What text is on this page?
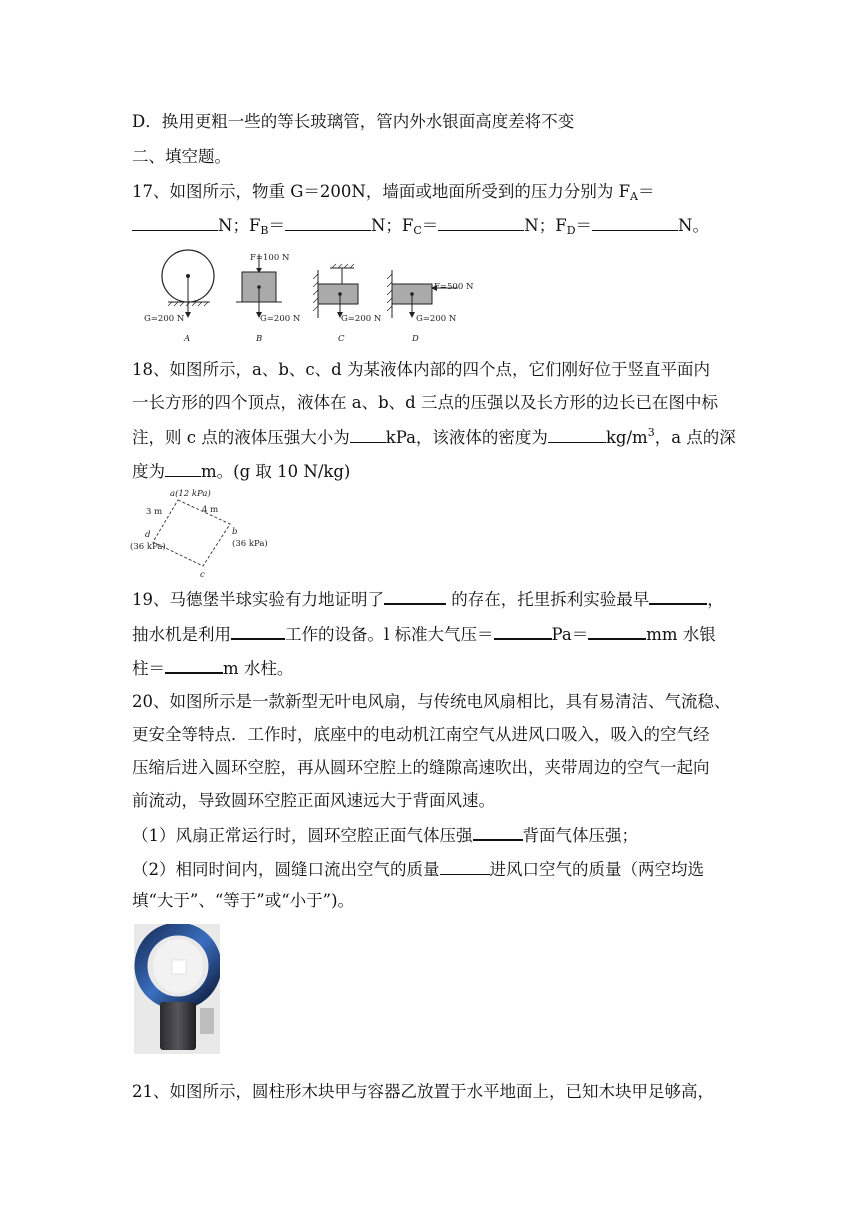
D．换用更粗一些的等长玻璃管，管内外水银面高度差将不变
二、填空题。
17、如图所示，物重 G＝200N，墙面或地面所受到的压力分别为 $F_A=$
N；$F_B=$	N；$F_C=$	N；$F_D=$	N。
G=200 N
A
F=100 N
G=200 N
B
G=200 N
C
F=500 N
G=200 N
D
18、如图所示，a、b、c、d 为某液体内部的四个点，它们刚好位于竖直平面内
一长方形的四个顶点，液体在 a、b、d 三点的压强以及长方形的边长已在图中标
注，则 c 点的液体压强大小为 kPa，该液体的密度为	$kg/m^3$，a 点的深
度为 m。(g 取 10 N/kg)
a(12 kPa)
4 m
3 m
b
(36 kPa)
d
(36 kPa)
c
19、马德堡半球实验有力地证明了	的存在，托里拆利实验最早	，
抽水机是利用	工作的设备。l 标准大气压＝	Pa＝	mm 水银
柱＝	m 水柱。
20、如图所示是一款新型无叶电风扇，与传统电风扇相比，具有易清洁、气流稳、
更安全等特点．工作时，底座中的电动机江南空气从进风口吸入，吸入的空气经
压缩后进入圆环空腔，再从圆环空腔上的缝隙高速吹出，夹带周边的空气一起向
前流动，导致圆环空腔正面风速远大于背面风速。
（1）风扇正常运行时，圆环空腔正面气体压强	背面气体压强；
（2）相同时间内，圆缝口流出空气的质量	进风口空气的质量（两空均选
填“大于”、“等于”或“小于”)。
21、如图所示，圆柱形木块甲与容器乙放置于水平地面上，已知木块甲足够高，
